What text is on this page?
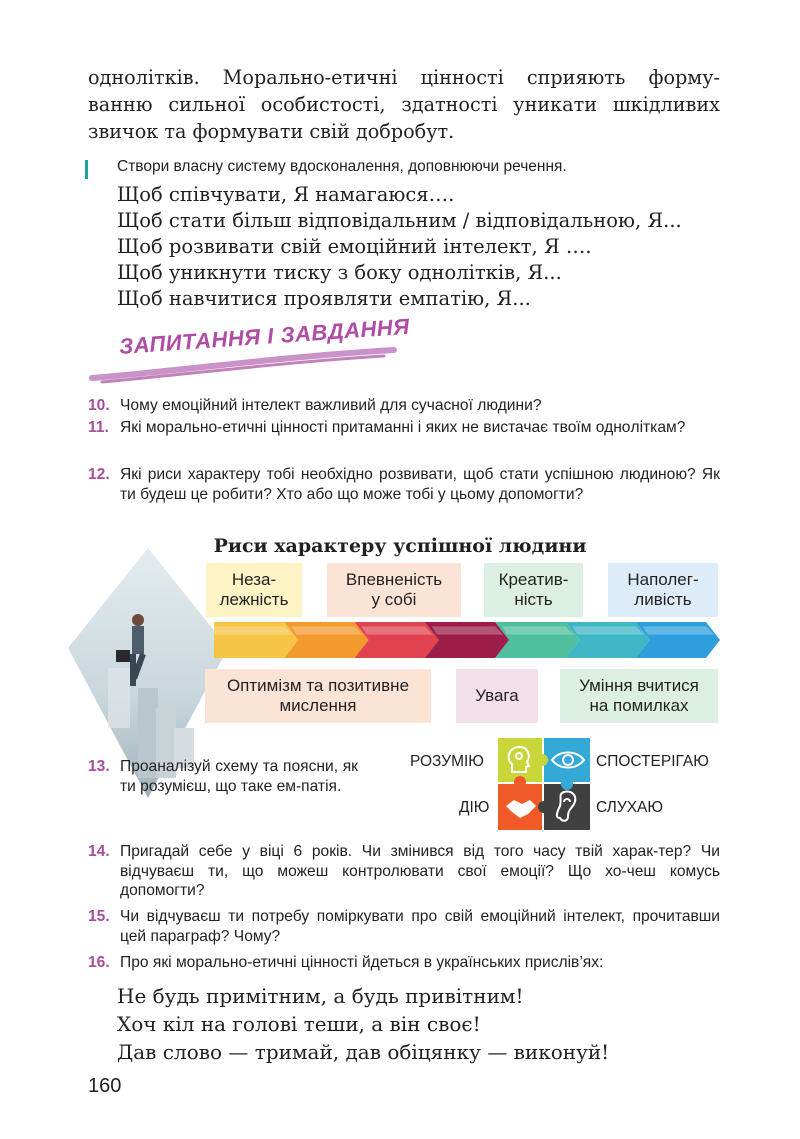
однолітків. Морально-етичні цінності сприяють форму-
ванню сильної особистості, здатності уникати шкідливих
звичок та формувати свій добробут.
Створи власну систему вдосконалення, доповнюючи речення.
Щоб співчувати, Я намагаюся….
Щоб стати більш відповідальним / відповідальною, Я...
Щоб розвивати свій емоційний інтелект, Я ….
Щоб уникнути тиску з боку однолітків, Я...
Щоб навчитися проявляти емпатію, Я...
ЗАПИТАННЯ І ЗАВДАННЯ
10. Чому емоційний інтелект важливий для сучасної людини?
11. Які морально-етичні цінності притаманні і яких не вистачає твоїм однoліткам?
12. Які риси характеру тобі необхідно розвивати, щоб стати успішною людиною? Як ти будеш це робити? Хто або що може тобі у цьому допомогти?
Риси характеру успішної людини
Неза-
лежність
Впевненість
у собі
Креатив-
ність
Наполег-
ливість
Оптимізм та позитивне
мислення
Увага
Уміння вчитися
на помилках
13. Проаналізуй схему та поясни, як ти розумієш, що таке ем-патія.
РОЗУМІЮ	СПОСТЕРІГАЮ
ДІЮ	СЛУХАЮ
14. Пригадай себе у віці 6 років. Чи змінився від того часу твій харак-тер? Чи відчуваєш ти, що можеш контролювати свої емоції? Що хо-чеш комусь допомогти?
15. Чи відчуваєш ти потребу поміркувати про свій емоційний інтелект, прочитавши цей параграф? Чому?
16. Про які морально-етичні цінності йдеться в українських прислів’ях:
Не будь примітним, а будь привітним!
Хоч кіл на голові теши, а він своє!
Дав слово — тримай, дав обіцянку — виконуй!
160
